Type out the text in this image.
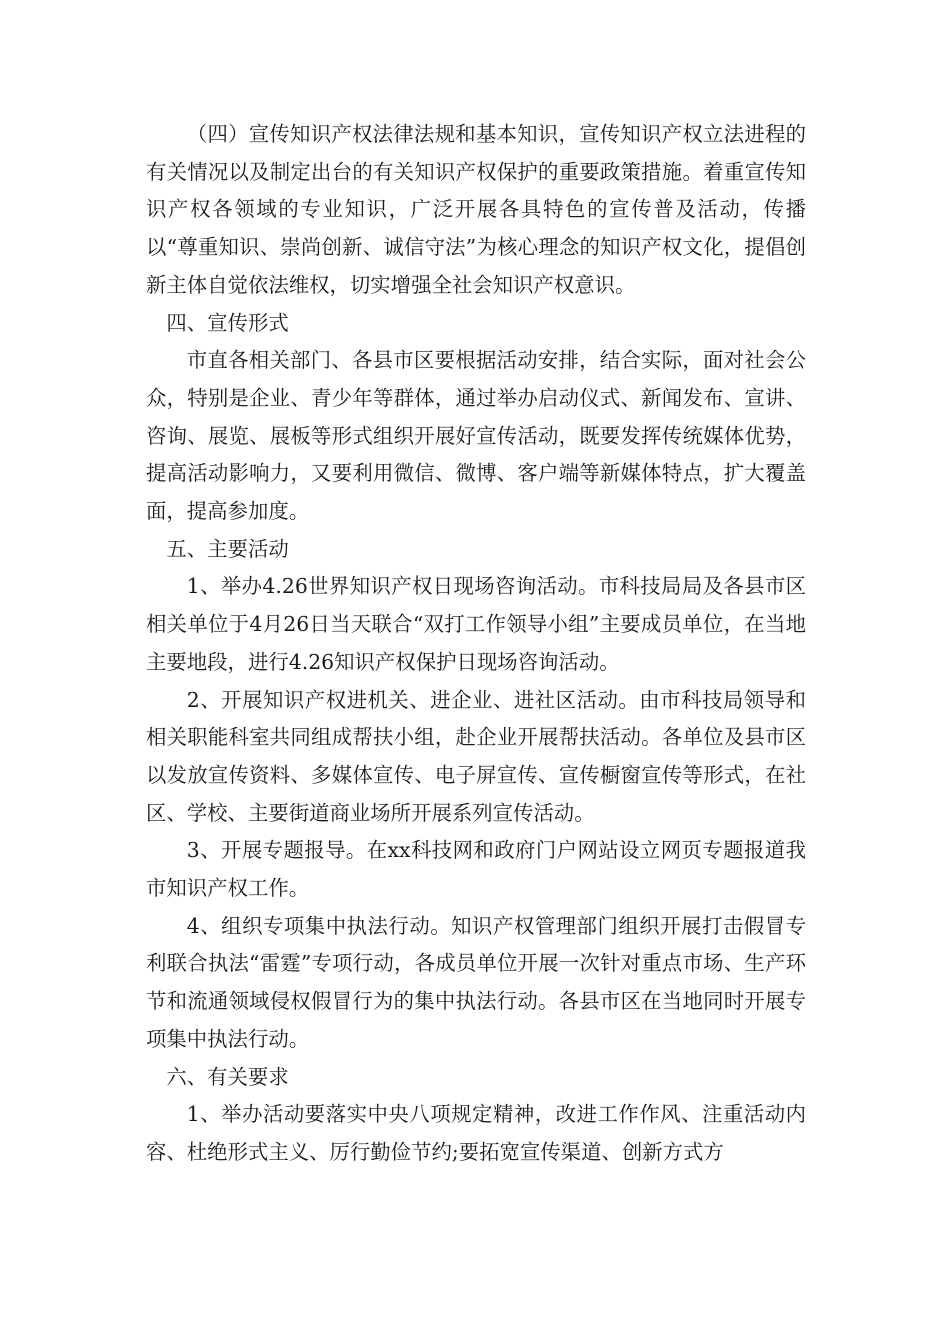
（四）宣传知识产权法律法规和基本知识，宣传知识产权立法进程的有关情况以及制定出台的有关知识产权保护的重要政策措施。着重宣传知识产权各领域的专业知识，广泛开展各具特色的宣传普及活动，传播以“尊重知识、崇尚创新、诚信守法”为核心理念的知识产权文化，提倡创新主体自觉依法维权，切实增强全社会知识产权意识。

四、宣传形式

市直各相关部门、各县市区要根据活动安排，结合实际，面对社会公众，特别是企业、青少年等群体，通过举办启动仪式、新闻发布、宣讲、咨询、展览、展板等形式组织开展好宣传活动，既要发挥传统媒体优势，提高活动影响力，又要利用微信、微博、客户端等新媒体特点，扩大覆盖面，提高参加度。

五、主要活动

1、举办4.26世界知识产权日现场咨询活动。市科技局局及各县市区相关单位于4月26日当天联合“双打工作领导小组”主要成员单位，在当地主要地段，进行4.26知识产权保护日现场咨询活动。

2、开展知识产权进机关、进企业、进社区活动。由市科技局领导和相关职能科室共同组成帮扶小组，赴企业开展帮扶活动。各单位及县市区以发放宣传资料、多媒体宣传、电子屏宣传、宣传橱窗宣传等形式，在社区、学校、主要街道商业场所开展系列宣传活动。

3、开展专题报导。在xx科技网和政府门户网站设立网页专题报道我市知识产权工作。

4、组织专项集中执法行动。知识产权管理部门组织开展打击假冒专利联合执法“雷霆”专项行动，各成员单位开展一次针对重点市场、生产环节和流通领域侵权假冒行为的集中执法行动。各县市区在当地同时开展专项集中执法行动。

六、有关要求

1、举办活动要落实中央八项规定精神，改进工作作风、注重活动内容、杜绝形式主义、厉行勤俭节约;要拓宽宣传渠道、创新方式方
